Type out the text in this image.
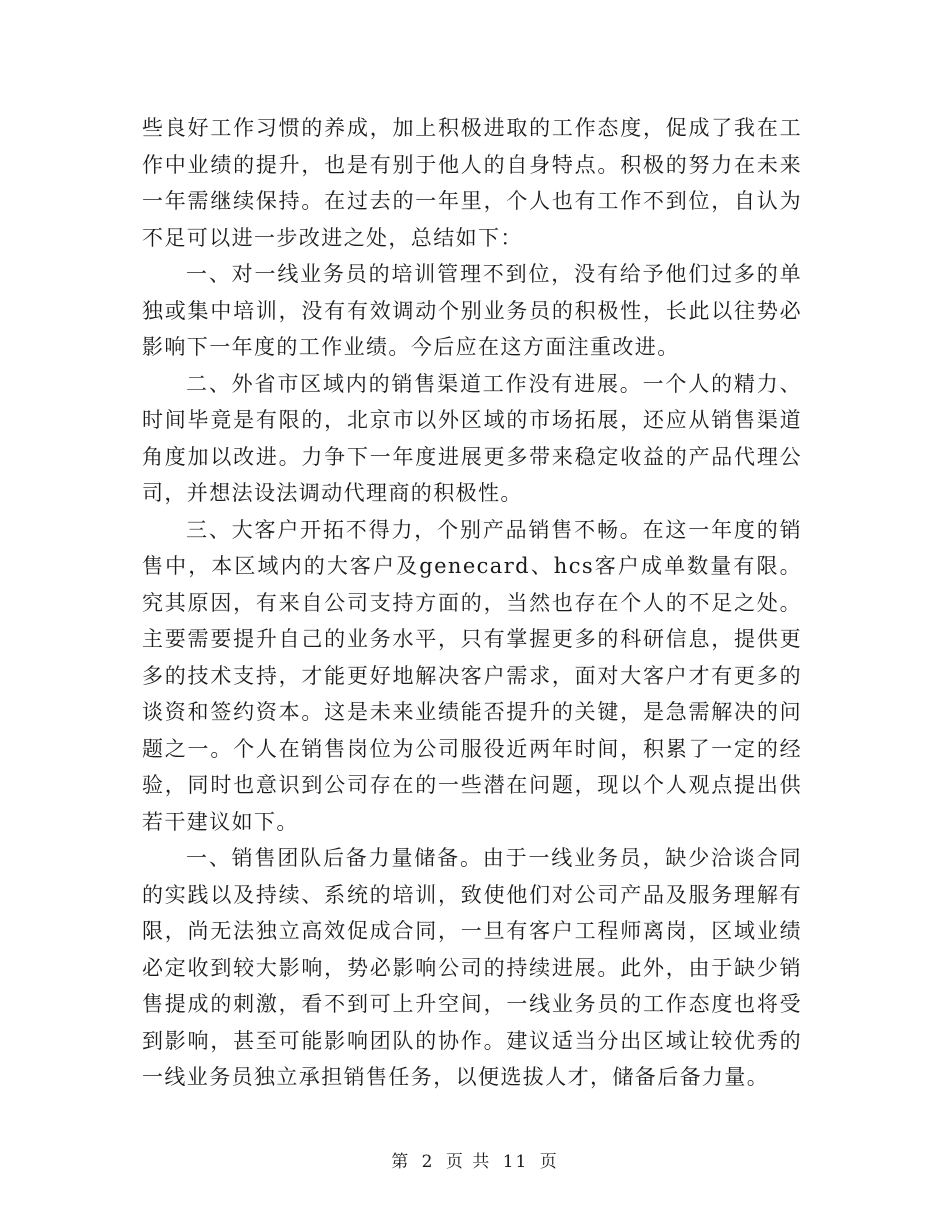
些良好工作习惯的养成，加上积极进取的工作态度，促成了我在工作中业绩的提升，也是有别于他人的自身特点。积极的努力在未来一年需继续保持。在过去的一年里，个人也有工作不到位，自认为不足可以进一步改进之处，总结如下：

一、对一线业务员的培训管理不到位，没有给予他们过多的单独或集中培训，没有有效调动个别业务员的积极性，长此以往势必影响下一年度的工作业绩。今后应在这方面注重改进。

二、外省市区域内的销售渠道工作没有进展。一个人的精力、时间毕竟是有限的，北京市以外区域的市场拓展，还应从销售渠道角度加以改进。力争下一年度进展更多带来稳定收益的产品代理公司，并想法设法调动代理商的积极性。

三、大客户开拓不得力，个别产品销售不畅。在这一年度的销售中，本区域内的大客户及genecard、hcs客户成单数量有限。究其原因，有来自公司支持方面的，当然也存在个人的不足之处。主要需要提升自己的业务水平，只有掌握更多的科研信息，提供更多的技术支持，才能更好地解决客户需求，面对大客户才有更多的谈资和签约资本。这是未来业绩能否提升的关键，是急需解决的问题之一。个人在销售岗位为公司服役近两年时间，积累了一定的经验，同时也意识到公司存在的一些潜在问题，现以个人观点提出供若干建议如下。

一、销售团队后备力量储备。由于一线业务员，缺少洽谈合同的实践以及持续、系统的培训，致使他们对公司产品及服务理解有限，尚无法独立高效促成合同，一旦有客户工程师离岗，区域业绩必定收到较大影响，势必影响公司的持续进展。此外，由于缺少销售提成的刺激，看不到可上升空间，一线业务员的工作态度也将受到影响，甚至可能影响团队的协作。建议适当分出区域让较优秀的一线业务员独立承担销售任务，以便选拔人才，储备后备力量。

第 2 页 共 11 页
